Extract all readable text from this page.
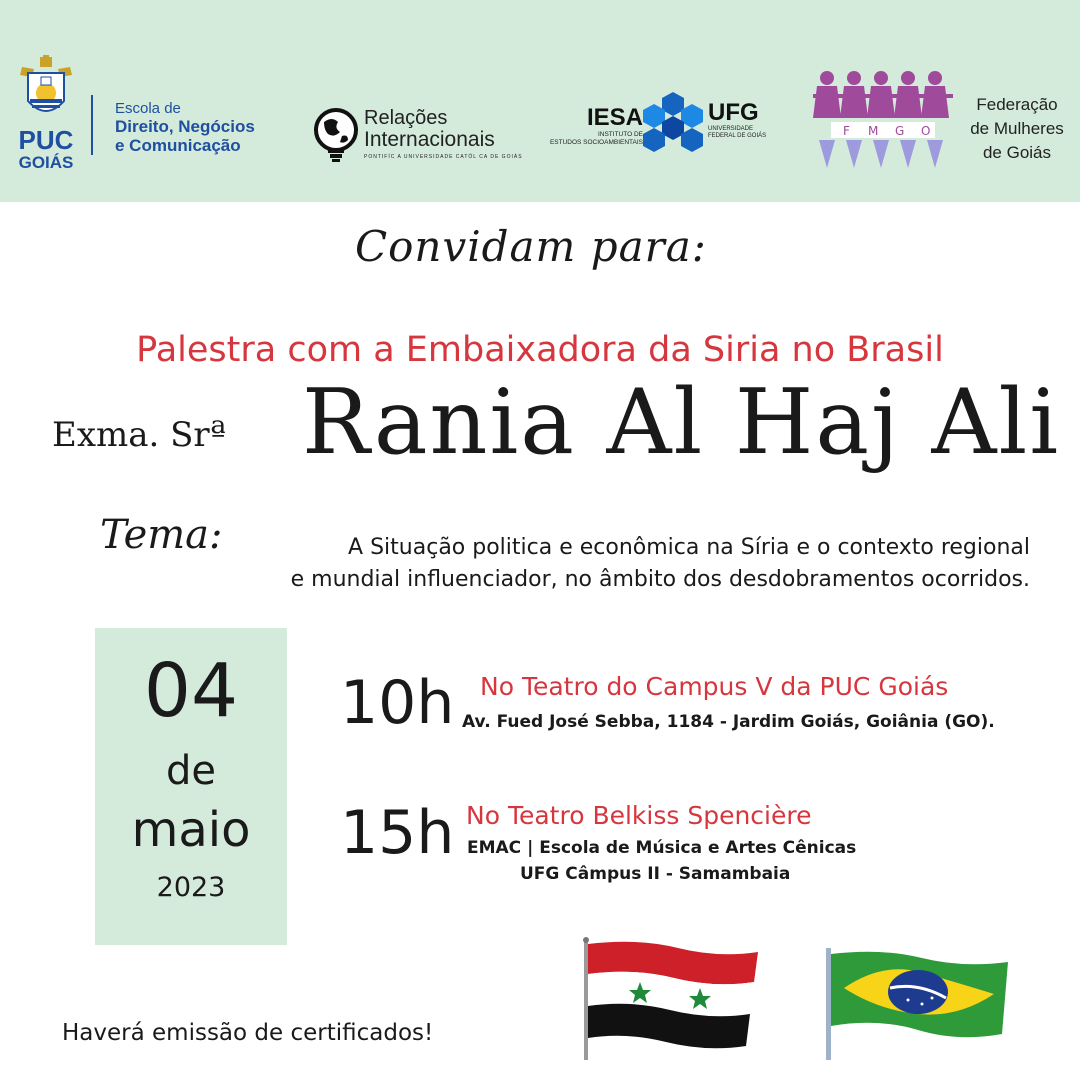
PUC
GOIÁS
Escola de
Direito, Negócios
e Comunicação
Relações
Internacionais
PONTIFÍC A UNIVERSIDADE CATÓL CA DE GOIÁS
IESA
INSTITUTO DE
ESTUDOS SOCIOAMBIENTAIS
UFG
UNIVERSIDADE
FEDERAL DE GOIÁS	F M G O
Federação
de Mulheres
de Goiás
Convidam para:
Palestra com a Embaixadora da Siria no Brasil
Exma. Srª Rania Al Haj Ali
Tema:	A Situação politica e econômica na Síria e o contexto regional
e mundial influenciador, no âmbito dos desdobramentos ocorridos.
04
de
maio
2023
10h No Teatro do Campus V da PUC Goiás
Av. Fued José Sebba, 1184 - Jardim Goiás, Goiânia (GO).
15h No Teatro Belkiss Spencière
EMAC | Escola de Música e Artes Cênicas
UFG Câmpus II - Samambaia
Haverá emissão de certificados!
